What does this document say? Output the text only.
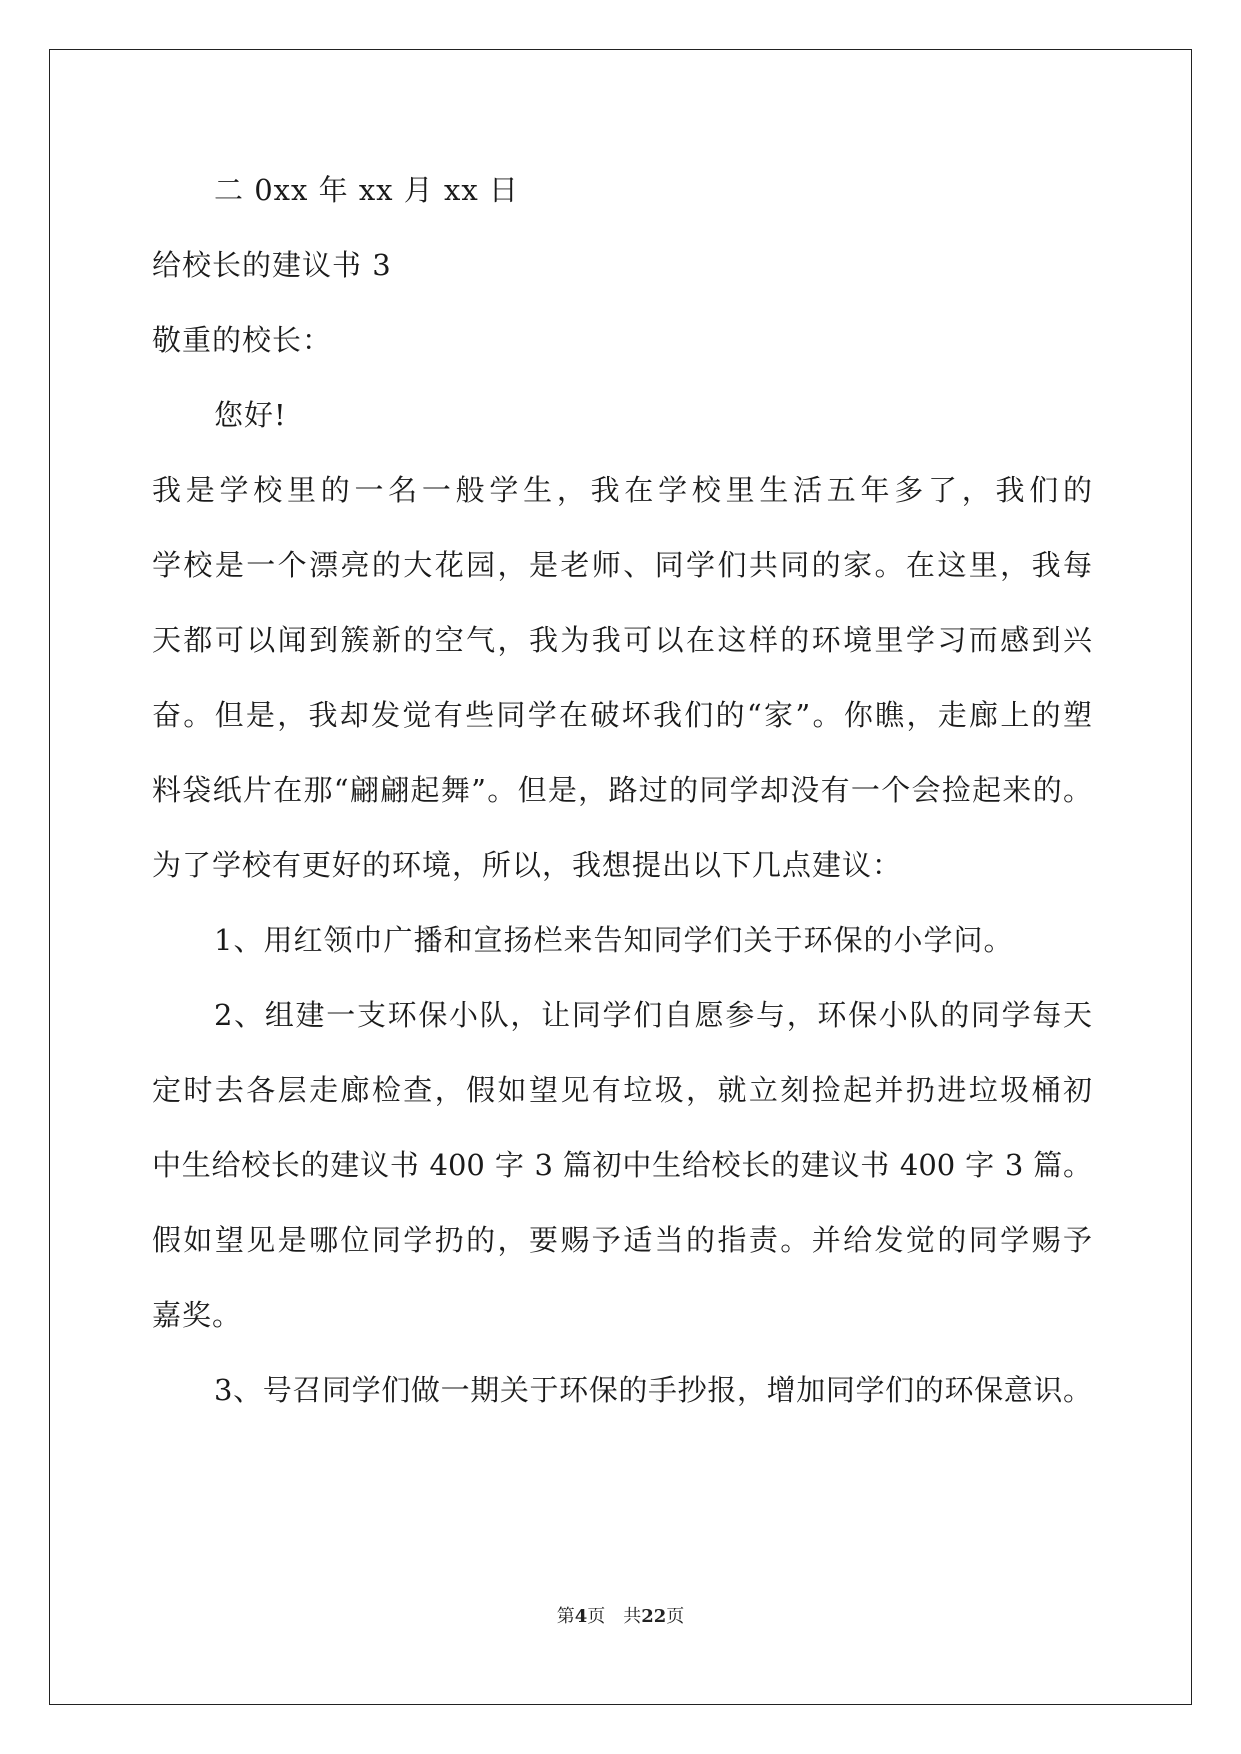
二 0xx 年 xx 月 xx 日
给校长的建议书 3
敬重的校长：
您好!
我是学校里的一名一般学生，我在学校里生活五年多了，我们的
学校是一个漂亮的大花园，是老师、同学们共同的家。在这里，我每
天都可以闻到簇新的空气，我为我可以在这样的环境里学习而感到兴
奋。但是，我却发觉有些同学在破坏我们的“家”。你瞧，走廊上的塑
料袋纸片在那“翩翩起舞”。但是，路过的同学却没有一个会捡起来的。
为了学校有更好的环境，所以，我想提出以下几点建议：
1、用红领巾广播和宣扬栏来告知同学们关于环保的小学问。
2、组建一支环保小队，让同学们自愿参与，环保小队的同学每天
定时去各层走廊检查，假如望见有垃圾，就立刻捡起并扔进垃圾桶初
中生给校长的建议书 400 字 3 篇初中生给校长的建议书 400 字 3 篇。
假如望见是哪位同学扔的，要赐予适当的指责。并给发觉的同学赐予
嘉奖。
3、号召同学们做一期关于环保的手抄报，增加同学们的环保意识。
第4页 共22页
